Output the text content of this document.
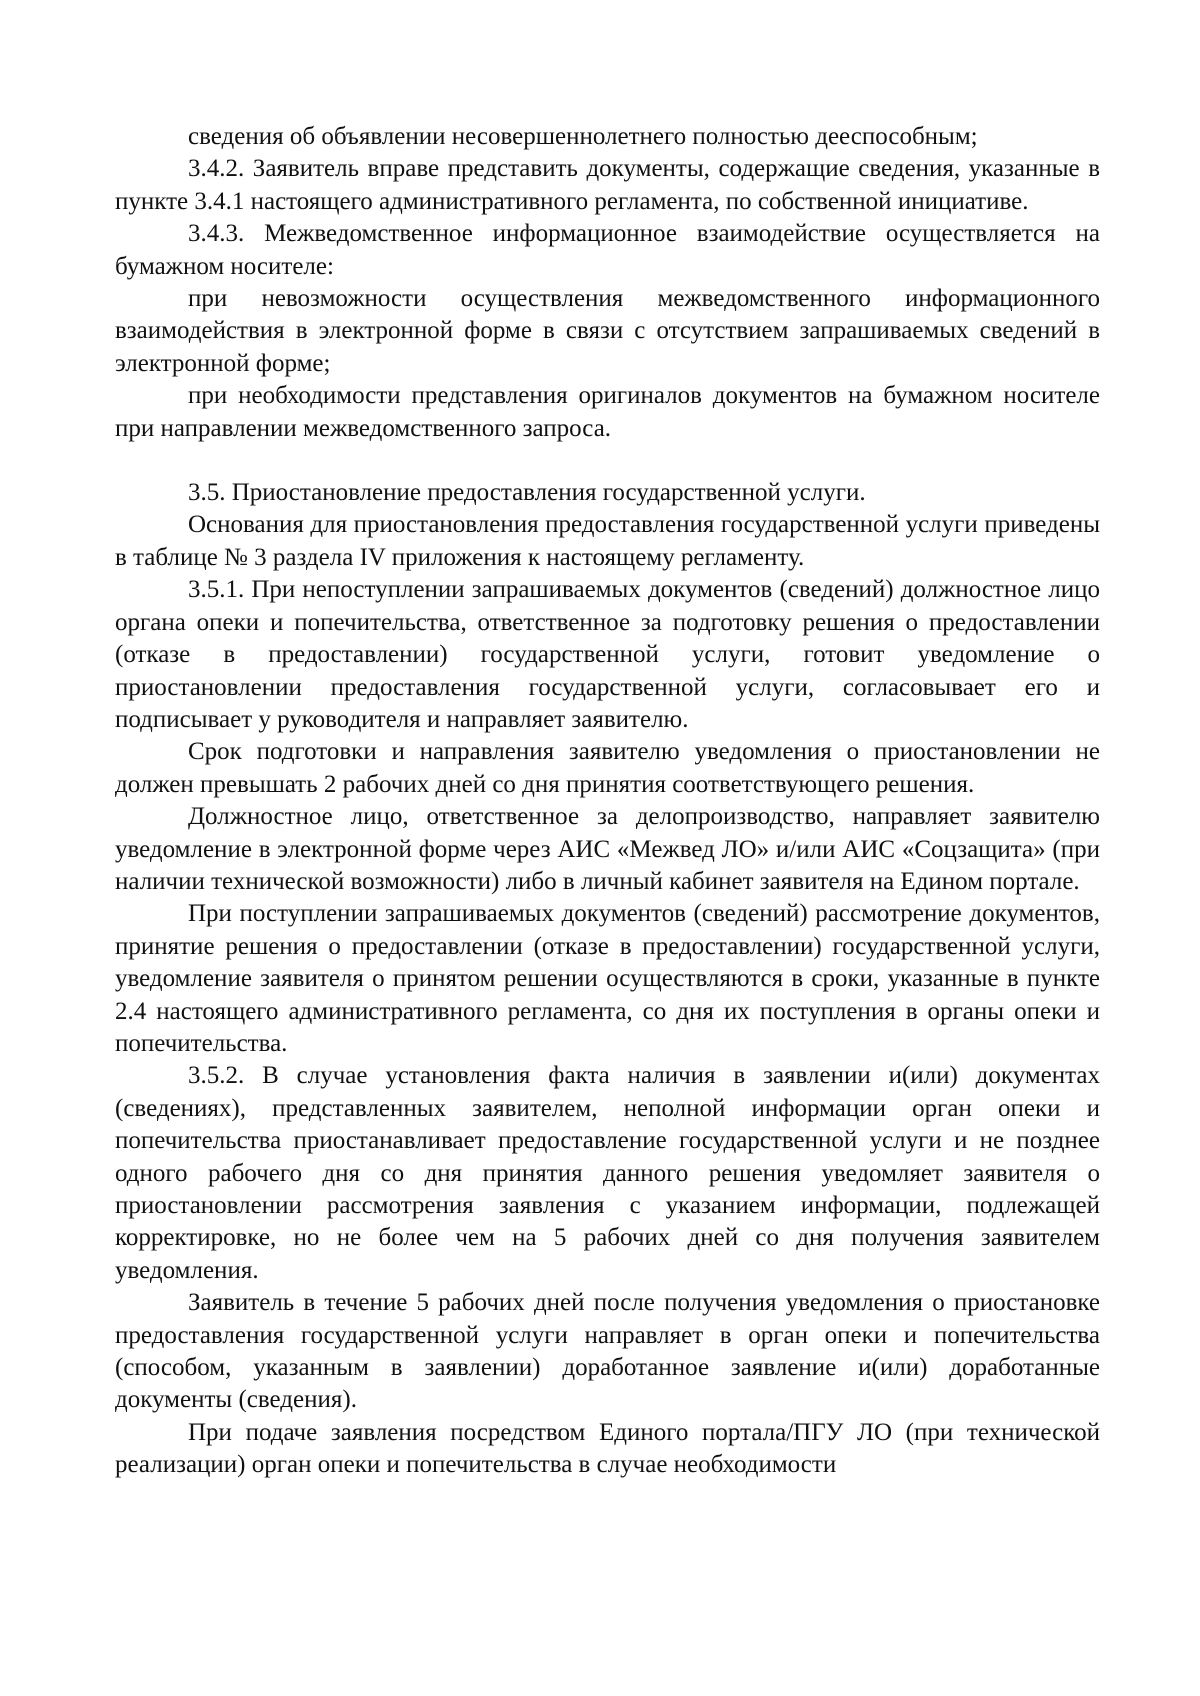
сведения об объявлении несовершеннолетнего полностью дееспособным;

3.4.2. Заявитель вправе представить документы, содержащие сведения, указанные в пункте 3.4.1 настоящего административного регламента, по собственной инициативе.

3.4.3. Межведомственное информационное взаимодействие осуществляется на бумажном носителе:

при невозможности осуществления межведомственного информационного взаимодействия в электронной форме в связи с отсутствием запрашиваемых сведений в электронной форме;

при необходимости представления оригиналов документов на бумажном носителе при направлении межведомственного запроса.

3.5. Приостановление предоставления государственной услуги.

Основания для приостановления предоставления государственной услуги приведены в таблице № 3 раздела IV приложения к настоящему регламенту.

3.5.1. При непоступлении запрашиваемых документов (сведений) должностное лицо органа опеки и попечительства, ответственное за подготовку решения о предоставлении (отказе в предоставлении) государственной услуги, готовит уведомление о приостановлении предоставления государственной услуги, согласовывает его и подписывает у руководителя и направляет заявителю.

Срок подготовки и направления заявителю уведомления о приостановлении не должен превышать 2 рабочих дней со дня принятия соответствующего решения.

Должностное лицо, ответственное за делопроизводство, направляет заявителю уведомление в электронной форме через АИС «Межвед ЛО» и/или АИС «Соцзащита» (при наличии технической возможности) либо в личный кабинет заявителя на Едином портале.

При поступлении запрашиваемых документов (сведений) рассмотрение документов, принятие решения о предоставлении (отказе в предоставлении) государственной услуги, уведомление заявителя о принятом решении осуществляются в сроки, указанные в пункте 2.4 настоящего административного регламента, со дня их поступления в органы опеки и попечительства.

3.5.2. В случае установления факта наличия в заявлении и(или) документах (сведениях), представленных заявителем, неполной информации орган опеки и попечительства приостанавливает предоставление государственной услуги и не позднее одного рабочего дня со дня принятия данного решения уведомляет заявителя о приостановлении рассмотрения заявления с указанием информации, подлежащей корректировке, но не более чем на 5 рабочих дней со дня получения заявителем уведомления.

Заявитель в течение 5 рабочих дней после получения уведомления о приостановке предоставления государственной услуги направляет в орган опеки и попечительства (способом, указанным в заявлении) доработанное заявление и(или) доработанные документы (сведения).

При подаче заявления посредством Единого портала/ПГУ ЛО (при технической реализации) орган опеки и попечительства в случае необходимости
